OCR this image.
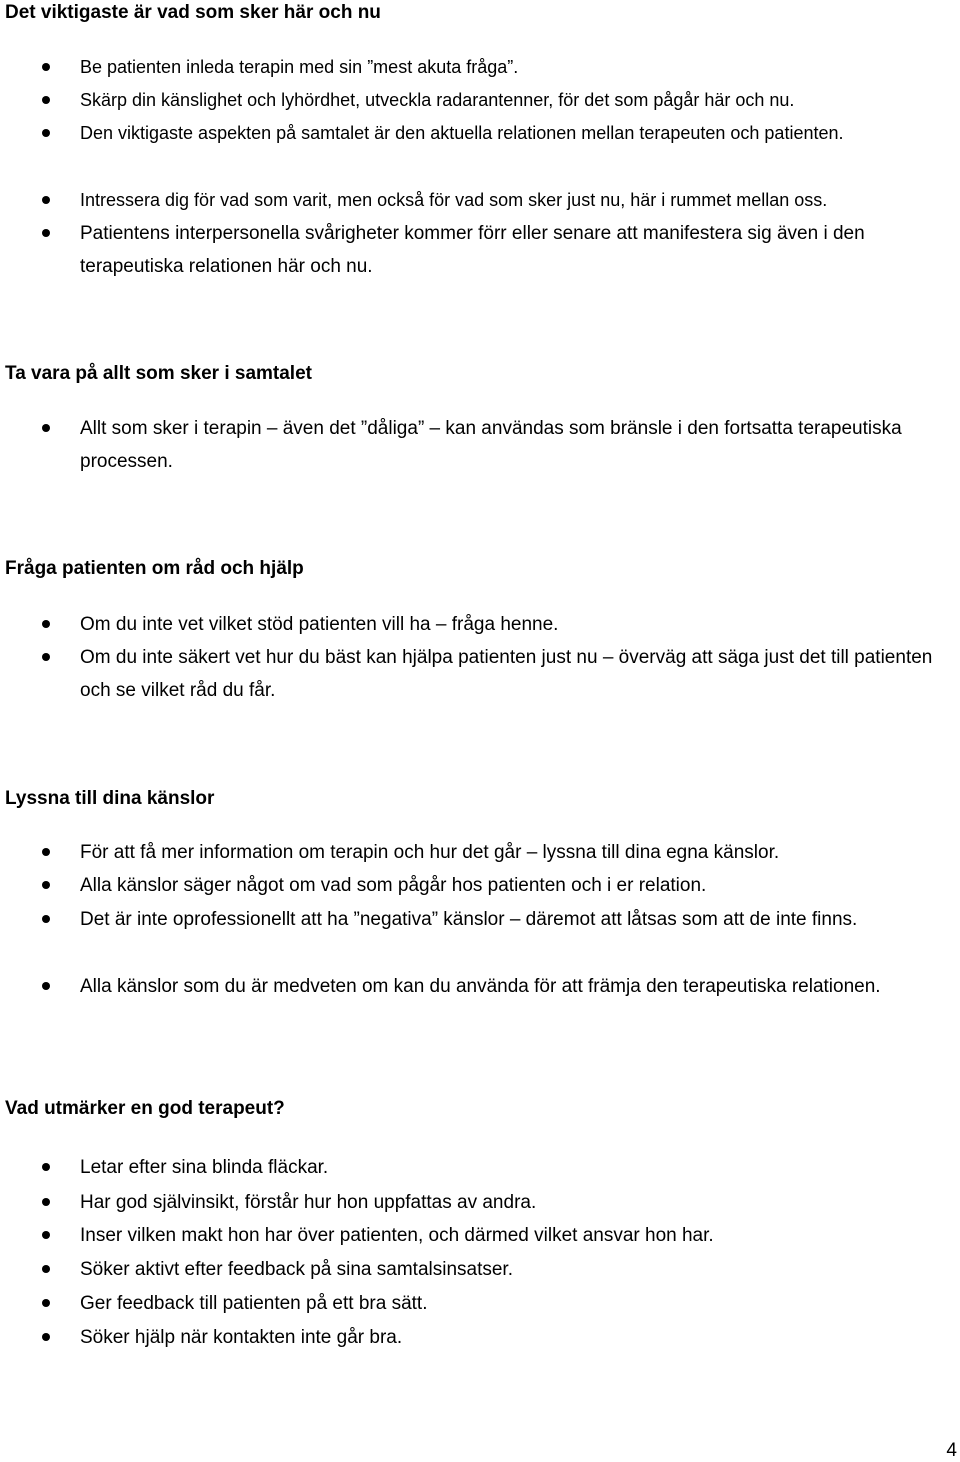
Det viktigaste är vad som sker här och nu

Be patienten inleda terapin med sin ”mest akuta fråga”.

Skärp din känslighet och lyhördhet, utveckla radarantenner, för det som pågår här och nu.

Den viktigaste aspekten på samtalet är den aktuella relationen mellan terapeuten och patienten.

Intressera dig för vad som varit, men också för vad som sker just nu, här i rummet mellan oss.

Patientens interpersonella svårigheter kommer förr eller senare att manifestera sig även i den terapeutiska relationen här och nu.

Ta vara på allt som sker i samtalet

Allt som sker i terapin – även det ”dåliga” – kan användas som bränsle i den fortsatta terapeutiska processen.

Fråga patienten om råd och hjälp

Om du inte vet vilket stöd patienten vill ha – fråga henne.

Om du inte säkert vet hur du bäst kan hjälpa patienten just nu – överväg att säga just det till patienten och se vilket råd du får.

Lyssna till dina känslor

För att få mer information om terapin och hur det går – lyssna till dina egna känslor.

Alla känslor säger något om vad som pågår hos patienten och i er relation.

Det är inte oprofessionellt att ha ”negativa” känslor – däremot att låtsas som att de inte finns.

Alla känslor som du är medveten om kan du använda för att främja den terapeutiska relationen.

Vad utmärker en god terapeut?

Letar efter sina blinda fläckar.

Har god självinsikt, förstår hur hon uppfattas av andra.

Inser vilken makt hon har över patienten, och därmed vilket ansvar hon har.

Söker aktivt efter feedback på sina samtalsinsatser.

Ger feedback till patienten på ett bra sätt.

Söker hjälp när kontakten inte går bra.

4
